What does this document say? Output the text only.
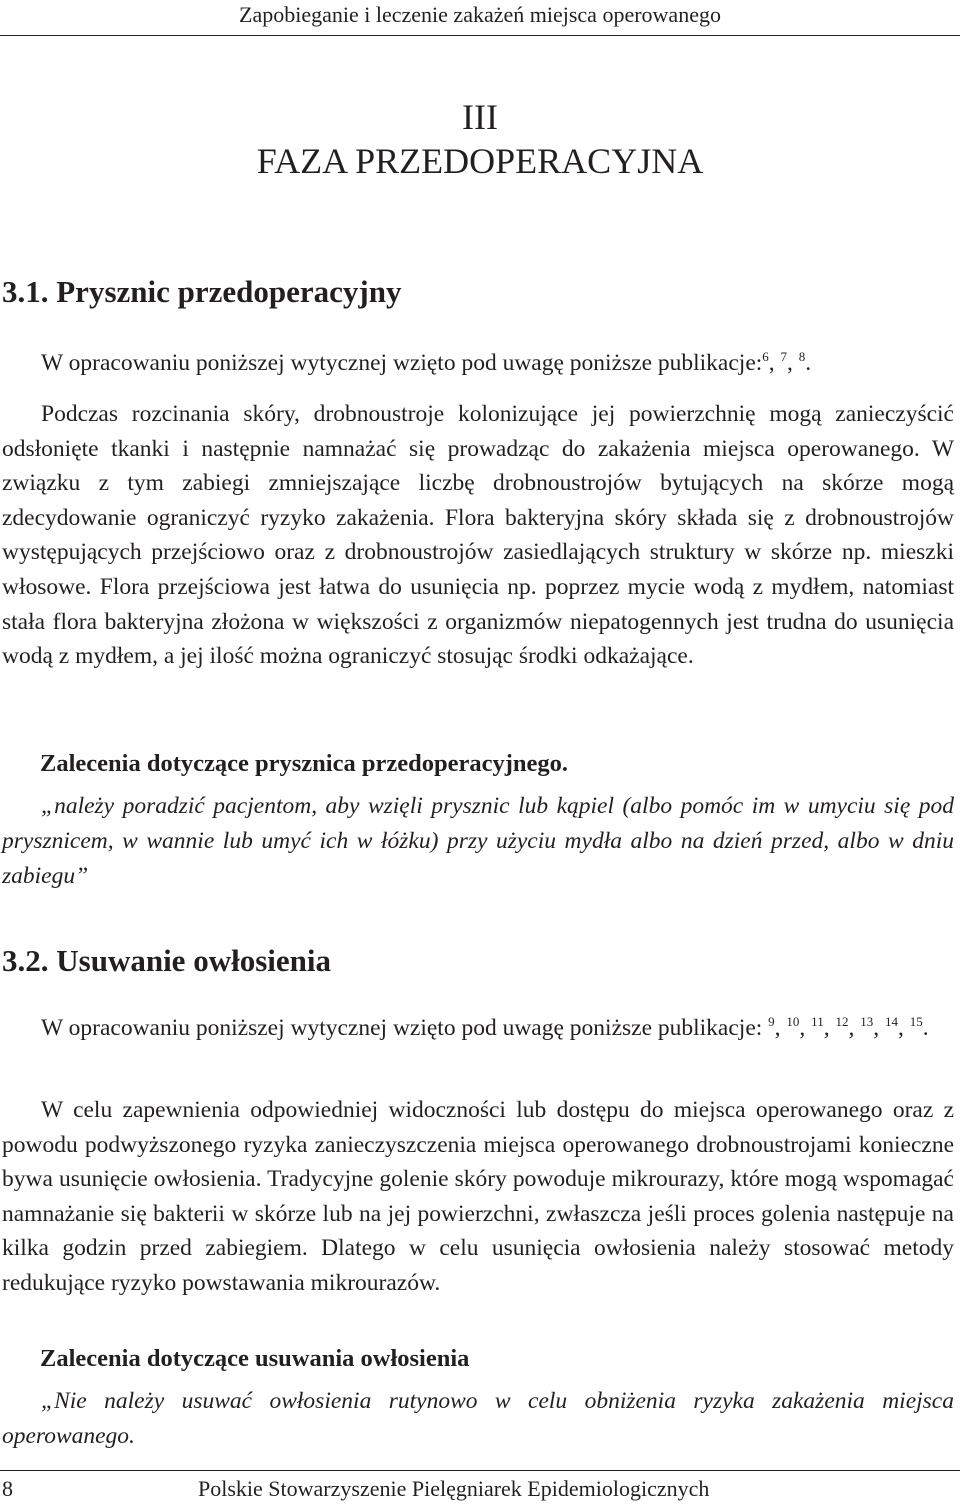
Zapobieganie i leczenie zakażeń miejsca operowanego
III
FAZA PRZEDOPERACYJNA
3.1. Prysznic przedoperacyjny

W opracowaniu poniższej wytycznej wzięto pod uwagę poniższe publikacje:$^6$, $^7$, $^8$.

Podczas rozcinania skóry, drobnoustroje kolonizujące jej powierzchnię mogą zanieczyścić odsłonięte tkanki i następnie namnażać się prowadząc do zakażenia miejsca operowanego. W związku z tym zabiegi zmniejszające liczbę drobnoustrojów bytujących na skórze mogą zdecydowanie ograniczyć ryzyko zakażenia. Flora bakteryjna skóry składa się z drobnoustrojów występujących przejściowo oraz z drobnoustrojów zasiedlających struktury w skórze np. mieszki włosowe. Flora przejściowa jest łatwa do usunięcia np. poprzez mycie wodą z mydłem, natomiast stała flora bakteryjna złożona w większości z organizmów niepatogennych jest trudna do usunięcia wodą z mydłem, a jej ilość można ograniczyć stosując środki odkażające.

Zalecenia dotyczące prysznica przedoperacyjnego.

„należy poradzić pacjentom, aby wzięli prysznic lub kąpiel (albo pomóc im w umyciu się pod prysznicem, w wannie lub umyć ich w łóżku) przy użyciu mydła albo na dzień przed, albo w dniu zabiegu”

3.2. Usuwanie owłosienia

W opracowaniu poniższej wytycznej wzięto pod uwagę poniższe publikacje: $^9$, $^{10}$, $^{11}$, $^{12}$, $^{13}$, $^{14}$, $^{15}$.

W celu zapewnienia odpowiedniej widoczności lub dostępu do miejsca operowanego oraz z powodu podwyższonego ryzyka zanieczyszczenia miejsca operowanego drobnoustrojami konieczne bywa usunięcie owłosienia. Tradycyjne golenie skóry powoduje mikrourazy, które mogą wspomagać namnażanie się bakterii w skórze lub na jej powierzchni, zwłaszcza jeśli proces golenia następuje na kilka godzin przed zabiegiem. Dlatego w celu usunięcia owłosienia należy stosować metody redukujące ryzyko powstawania mikrourazów.

Zalecenia dotyczące usuwania owłosienia

„Nie należy usuwać owłosienia rutynowo w celu obniżenia ryzyka zakażenia miejsca operowanego.

8	Polskie Stowarzyszenie Pielęgniarek Epidemiologicznych
